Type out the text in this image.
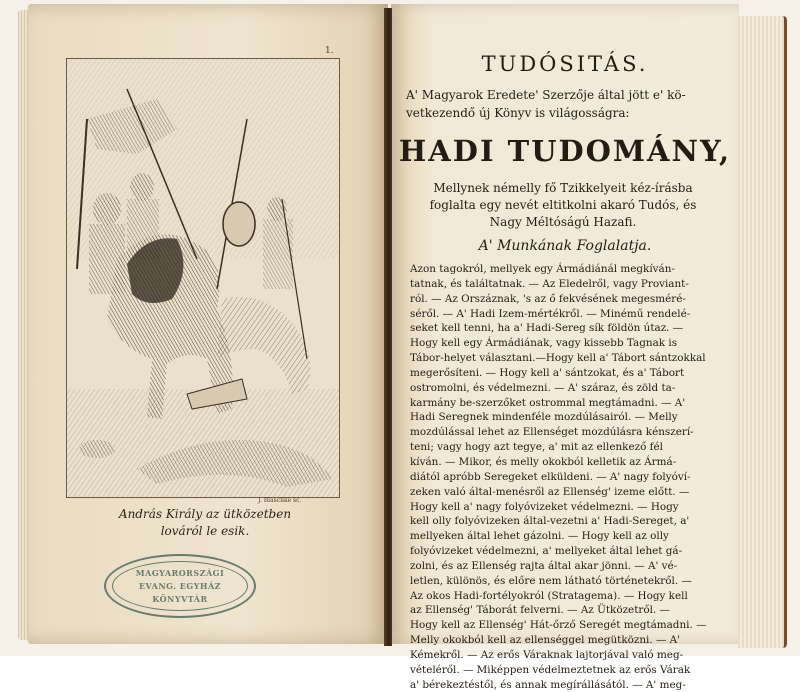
1.
J. Blaschke sc.
András Király az ütközetben
lováról le esik.
MAGYARORSZÁGI
EVANG. EGYHÁZ
KÖNYVTÁR
TUDÓSITÁS.
A' Magyarok Eredete' Szerzője által jött e' kö-
vetkezendő új Könyv is világosságra:
HADI TUDOMÁNY,
Mellynek némelly fő Tzikkelyeit kéz-írásba
foglalta egy nevét eltitkolni akaró Tudós, és
Nagy Méltóságú Hazafi.
A' Munkának Foglalatja.
Azon tagokról, mellyek egy Ármádiánál megkíván-
tatnak, és találtatnak. — Az Eledelről, vagy Proviant-
ról. — Az Orszáznak, 's az ő fekvésének megesméré-
séről. — A' Hadi Izem-mértékről. — Minémű rendelé-
seket kell tenni, ha a' Hadi-Sereg sík földön útaz. —
Hogy kell egy Ármádiának, vagy kissebb Tagnak is
Tábor-helyet választani.—Hogy kell a' Tábort sántzokkal
megerősíteni. — Hogy kell a' sántzokat, és a' Tábort
ostromolni, és védelmezni. — A' száraz, és zöld ta-
karmány be-szerzőket ostrommal megtámadni. — A'
Hadi Seregnek mindenféle mozdúlásairól. — Melly
mozdúlással lehet az Ellenséget mozdúlásra kénszerí-
teni; vagy hogy azt tegye, a' mit az ellenkező fél
kíván. — Mikor, és melly okokból kelletik az Ármá-
diától apróbb Seregeket elküldeni. — A' nagy folyóví-
zeken való által-menésről az Ellenség' izeme előtt. —
Hogy kell a' nagy folyóvizeket védelmezni. — Hogy
kell olly folyóvizeken által-vezetni a' Hadi-Sereget, a'
mellyeken által lehet gázolni. — Hogy kell az olly
folyóvizeket védelmezni, a' mellyeket által lehet gá-
zolni, és az Ellenség rajta által akar jönni. — A' vé-
letlen, különös, és előre nem látható történetekről. —
Az okos Hadi-fortélyokról (Stratagema). — Hogy kell
az Ellenség' Táborát felverni. — Az Ütközetről. —
Hogy kell az Ellenség' Hát-őrző Seregét megtámadni. —
Melly okokból kell az ellenséggel megütközni. — A'
Kémekről. — Az erős Váraknak lajtorjával való meg-
vételéről. — Miképpen védelmeztetnek az erős Várak
a' bérekeztéstől, és annak megírállásától. — A' meg-
